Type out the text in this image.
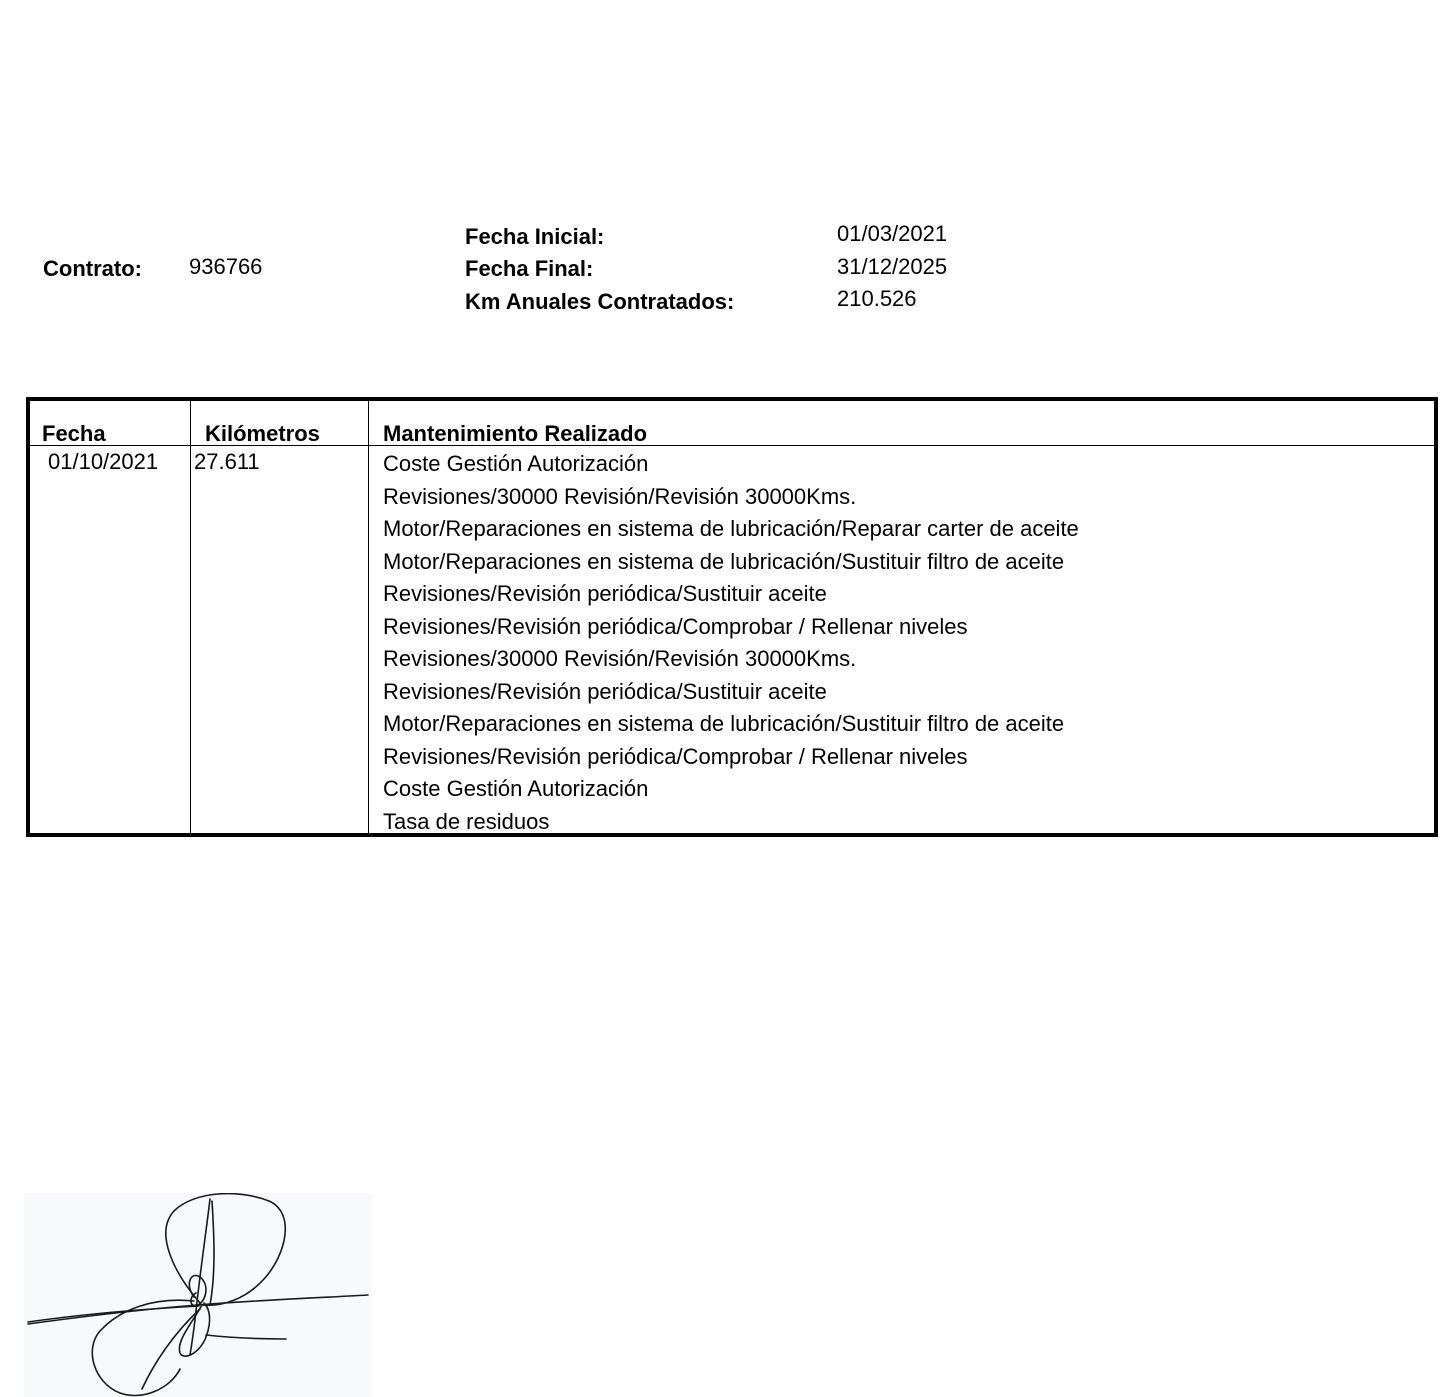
Contrato: 936766
Fecha Inicial:	01/03/2021
Fecha Final:	31/12/2025
Km Anuales Contratados:	210.526
Fecha	Kilómetros	Mantenimiento Realizado
01/10/2021 27.611	Coste Gestión Autorización
Revisiones/30000 Revisión/Revisión 30000Kms.
Motor/Reparaciones en sistema de lubricación/Reparar carter de aceite
Motor/Reparaciones en sistema de lubricación/Sustituir filtro de aceite
Revisiones/Revisión periódica/Sustituir aceite
Revisiones/Revisión periódica/Comprobar / Rellenar niveles
Revisiones/30000 Revisión/Revisión 30000Kms.
Revisiones/Revisión periódica/Sustituir aceite
Motor/Reparaciones en sistema de lubricación/Sustituir filtro de aceite
Revisiones/Revisión periódica/Comprobar / Rellenar niveles
Coste Gestión Autorización
Tasa de residuos
